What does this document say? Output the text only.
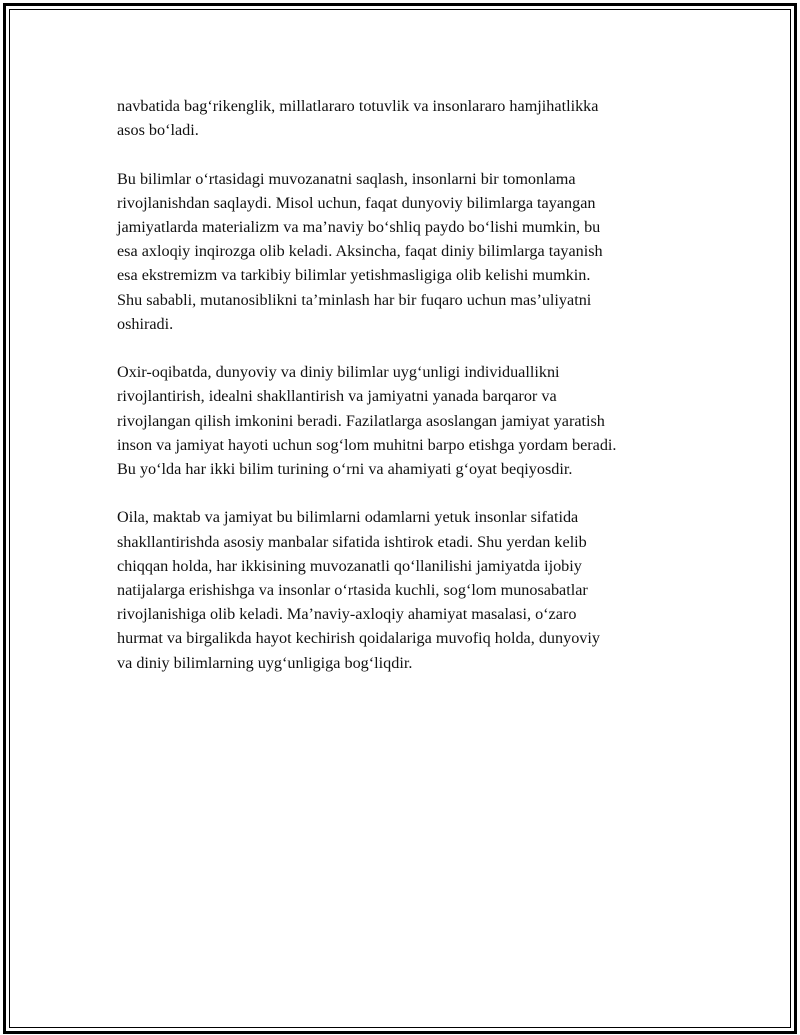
navbatida bag‘rikenglik, millatlararo totuvlik va insonlararo hamjihatlikka
asos bo‘ladi.

Bu bilimlar o‘rtasidagi muvozanatni saqlash, insonlarni bir tomonlama
rivojlanishdan saqlaydi. Misol uchun, faqat dunyoviy bilimlarga tayangan
jamiyatlarda materializm va ma’naviy bo‘shliq paydo bo‘lishi mumkin, bu
esa axloqiy inqirozga olib keladi. Aksincha, faqat diniy bilimlarga tayanish
esa ekstremizm va tarkibiy bilimlar yetishmasligiga olib kelishi mumkin.
Shu sababli, mutanosiblikni ta’minlash har bir fuqaro uchun mas’uliyatni
oshiradi.

Oxir-oqibatda, dunyoviy va diniy bilimlar uyg‘unligi individuallikni
rivojlantirish, idealni shakllantirish va jamiyatni yanada barqaror va
rivojlangan qilish imkonini beradi. Fazilatlarga asoslangan jamiyat yaratish
inson va jamiyat hayoti uchun sog‘lom muhitni barpo etishga yordam beradi.
Bu yo‘lda har ikki bilim turining o‘rni va ahamiyati g‘oyat beqiyosdir.

Oila, maktab va jamiyat bu bilimlarni odamlarni yetuk insonlar sifatida
shakllantirishda asosiy manbalar sifatida ishtirok etadi. Shu yerdan kelib
chiqqan holda, har ikkisining muvozanatli qo‘llanilishi jamiyatda ijobiy
natijalarga erishishga va insonlar o‘rtasida kuchli, sog‘lom munosabatlar
rivojlanishiga olib keladi. Ma’naviy-axloqiy ahamiyat masalasi, o‘zaro
hurmat va birgalikda hayot kechirish qoidalariga muvofiq holda, dunyoviy
va diniy bilimlarning uyg‘unligiga bog‘liqdir.
